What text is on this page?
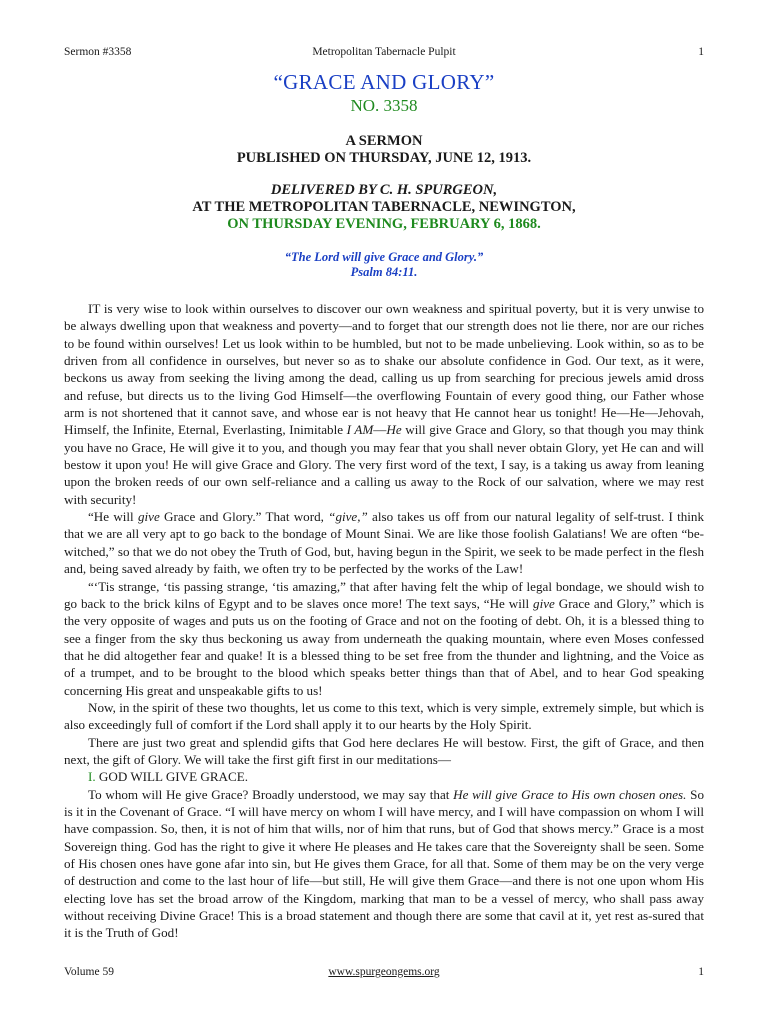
Sermon #3358	Metropolitan Tabernacle Pulpit	1
“GRACE AND GLORY”
NO. 3358
A SERMON
PUBLISHED ON THURSDAY, JUNE 12, 1913.
DELIVERED BY C. H. SPURGEON,
AT THE METROPOLITAN TABERNACLE, NEWINGTON,
ON THURSDAY EVENING, FEBRUARY 6, 1868.
“The Lord will give Grace and Glory.”
Psalm 84:11.

IT is very wise to look within ourselves to discover our own weakness and spiritual poverty, but it is very unwise to be always dwelling upon that weakness and poverty—and to forget that our strength does not lie there, nor are our riches to be found within ourselves! Let us look within to be humbled, but not to be made unbelieving. Look within, so as to be driven from all confidence in ourselves, but never so as to shake our absolute confidence in God. Our text, as it were, beckons us away from seeking the living among the dead, calling us up from searching for precious jewels amid dross and refuse, but directs us to the living God Himself—the overflowing Fountain of every good thing, our Father whose arm is not shortened that it cannot save, and whose ear is not heavy that He cannot hear us tonight! He—He—Jehovah, Himself, the Infinite, Eternal, Everlasting, Inimitable I AM—He will give Grace and Glory, so that though you may think you have no Grace, He will give it to you, and though you may fear that you shall never obtain Glory, yet He can and will bestow it upon you! He will give Grace and Glory. The very first word of the text, I say, is a taking us away from leaning upon the broken reeds of our own self-reliance and a calling us away to the Rock of our salvation, where we may rest with security!

“He will give Grace and Glory.” That word, “give,” also takes us off from our natural legality of self-trust. I think that we are all very apt to go back to the bondage of Mount Sinai. We are like those foolish Galatians! We are often “be-witched,” so that we do not obey the Truth of God, but, having begun in the Spirit, we seek to be made perfect in the flesh and, being saved already by faith, we often try to be perfected by the works of the Law!

“‘Tis strange, ‘tis passing strange, ‘tis amazing,” that after having felt the whip of legal bondage, we should wish to go back to the brick kilns of Egypt and to be slaves once more! The text says, “He will give Grace and Glory,” which is the very opposite of wages and puts us on the footing of Grace and not on the footing of debt. Oh, it is a blessed thing to see a finger from the sky thus beckoning us away from underneath the quaking mountain, where even Moses confessed that he did altogether fear and quake! It is a blessed thing to be set free from the thunder and lightning, and the Voice as of a trumpet, and to be brought to the blood which speaks better things than that of Abel, and to hear God speaking concerning His great and unspeakable gifts to us!

Now, in the spirit of these two thoughts, let us come to this text, which is very simple, extremely simple, but which is also exceedingly full of comfort if the Lord shall apply it to our hearts by the Holy Spirit.

There are just two great and splendid gifts that God here declares He will bestow. First, the gift of Grace, and then next, the gift of Glory. We will take the first gift first in our meditations—

I. GOD WILL GIVE GRACE.

To whom will He give Grace? Broadly understood, we may say that He will give Grace to His own chosen ones. So is it in the Covenant of Grace. “I will have mercy on whom I will have mercy, and I will have compassion on whom I will have compassion. So, then, it is not of him that wills, nor of him that runs, but of God that shows mercy.” Grace is a most Sovereign thing. God has the right to give it where He pleases and He takes care that the Sovereignty shall be seen. Some of His chosen ones have gone afar into sin, but He gives them Grace, for all that. Some of them may be on the very verge of destruction and come to the last hour of life—but still, He will give them Grace—and there is not one upon whom His electing love has set the broad arrow of the Kingdom, marking that man to be a vessel of mercy, who shall pass away without receiving Divine Grace! This is a broad statement and though there are some that cavil at it, yet rest as-sured that it is the Truth of God!

Volume 59	www.spurgeongems.org	1
